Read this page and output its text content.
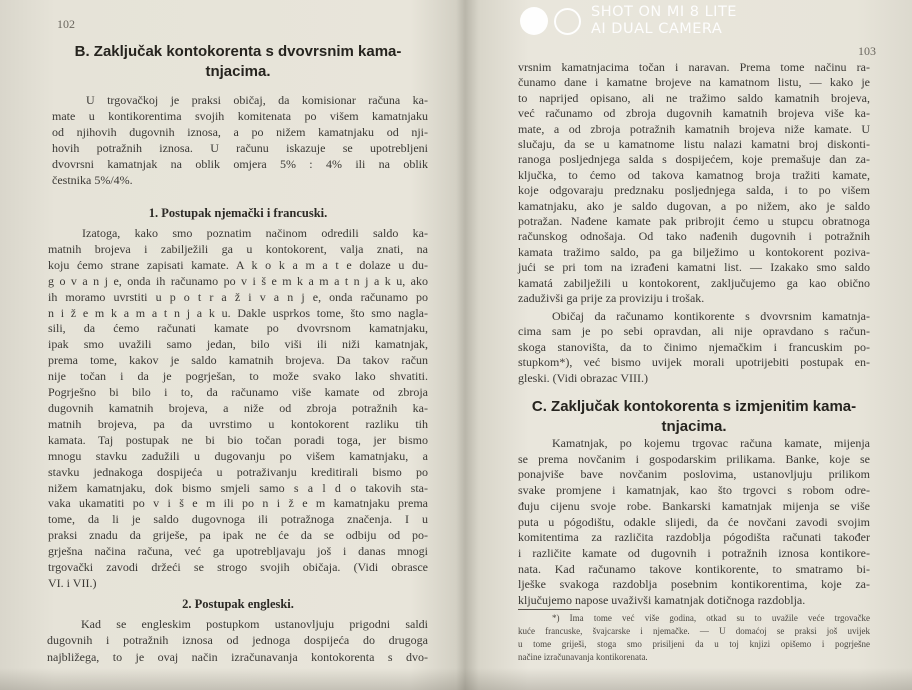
102
B. Zaključak kontokorenta s dvovrsnim kama-
tnjacima.
U trgovačkoj je praksi običaj, da komisionar računa ka-
mate u kontikorentima svojih komitenata po višem kamatnjaku
od njihovih dugovnih iznosa, a po nižem kamatnjaku od nji-
hovih potražnih iznosa. U računu iskazuje se upotrebljeni
dvovrsni kamatnjak na oblik omjera 5% : 4% ili na oblik
čestnika 5%/4%.
1. Postupak njemački i francuski.
Izatoga, kako smo poznatim načinom odredili saldo ka-
matnih brojeva i zabilježili ga u kontokorent, valja znati, na
koju ćemo strane zapisati kamate. A k o k a m a t e dolaze u du-
g o v a n j e, onda ih računamo po v i š e m k a m a t n j a k u, ako
ih moramo uvrstiti u p o t r a ž i v a n j e, onda računamo po
n i ž e m k a m a t n j a k u. Dakle usprkos tome, što smo nagla-
sili, da ćemo računati kamate po dvovrsnom kamatnjaku,
ipak smo uvažili samo jedan, bilo viši ili niži kamatnjak,
prema tome, kakov je saldo kamatnih brojeva. Da takov račun
nije točan i da je pogrješan, to može svako lako shvatiti.
Pogrješno bi bilo i to, da računamo više kamate od zbroja
dugovnih kamatnih brojeva, a niže od zbroja potražnih ka-
matnih brojeva, pa da uvrstimo u kontokorent razliku tih
kamata. Taj postupak ne bi bio točan poradi toga, jer bismo
mnogu stavku zadužili u dugovanju po višem kamatnjaku, a
stavku jednakoga dospijeća u potraživanju kreditirali bismo po
nižem kamatnjaku, dok bismo smjeli samo s a l d o takovih sta-
vaka ukamatiti po v i š e m ili po n i ž e m kamatnjaku prema
tome, da li je saldo dugovnoga ili potražnoga značenja. I u
praksi znadu da griješe, pa ipak ne će da se odbiju od po-
grješna načina računa, već ga upotrebljavaju još i danas mnogi
trgovački zavodi držeći se strogo svojih običaja. (Vidi obrasce
VI. i VII.)
2. Postupak engleski.
Kad se engleskim postupkom ustanovljuju prigodni saldi
dugovnih i potražnih iznosa od jednoga dospijeća do drugoga
najbližega, to je ovaj način izračunavanja kontokorenta s dvo-
103
vrsnim kamatnjacima točan i naravan. Prema tome načinu ra-
čunamo dane i kamatne brojeve na kamatnom listu, — kako je
to naprijed opisano, ali ne tražimo saldo kamatnih brojeva,
već računamo od zbroja dugovnih kamatnih brojeva više ka-
mate, a od zbroja potražnih kamatnih brojeva niže kamate. U
slučaju, da se u kamatnome listu nalazi kamatni broj diskonti-
ranoga posljednjega salda s dospijećem, koje premašuje dan za-
ključka, to ćemo od takova kamatnog broja tražiti kamate,
koje odgovaraju predznaku posljednjega salda, i to po višem
kamatnjaku, ako je saldo dugovan, a po nižem, ako je saldo
potražan. Nađene kamate pak pribrojit ćemo u stupcu obratnoga
računskog odnošaja. Od tako nađenih dugovnih i potražnih
kamata tražimo saldo, pa ga bilježimo u kontokorent poziva-
jući se pri tom na izrađeni kamatni list. — Izakako smo saldo
kamatá zabilježili u kontokorent, zaključujemo ga kao obično
zaduživši ga prije za proviziju i trošak.
Običaj da računamo kontikorente s dvovrsnim kamatnja-
cima sam je po sebi opravdan, ali nije opravdano s račun-
skoga stanovišta, da to činimo njemačkim i francuskim po-
stupkom*), već bismo uvijek morali upotrijebiti postupak en-
gleski. (Vidi obrazac VIII.)
C. Zaključak kontokorenta s izmjenitim kama-
tnjacima.
Kamatnjak, po kojemu trgovac računa kamate, mijenja
se prema novčanim i gospodarskim prilikama. Banke, koje se
ponajviše bave novčanim poslovima, ustanovljuju prilikom
svake promjene i kamatnjak, kao što trgovci s robom odre-
đuju cijenu svoje robe. Bankarski kamatnjak mijenja se više
puta u pógodištu, odakle slijedi, da će novčani zavodi svojim
komitentima za različita razdoblja pógodišta računati također
i različite kamate od dugovnih i potražnih iznosa kontikore-
nata. Kad računamo takove kontikorente, to smatramo bi-
lješke svakoga razdoblja posebnim kontikorentima, koje za-
ključujemo napose uvaživši kamatnjak dotičnoga razdoblja.
*) Ima tome već više godina, otkad su to uvažile veće trgovačke
kuće francuske, švajcarske i njemačke. — U domaćoj se praksi još uvijek
u tome griješi, stoga smo prisiljeni da u toj knjizi opišemo i pogrješne
načine izračunavanja kontikorenata.
SHOT ON MI 8 LITE
AI DUAL CAMERA
